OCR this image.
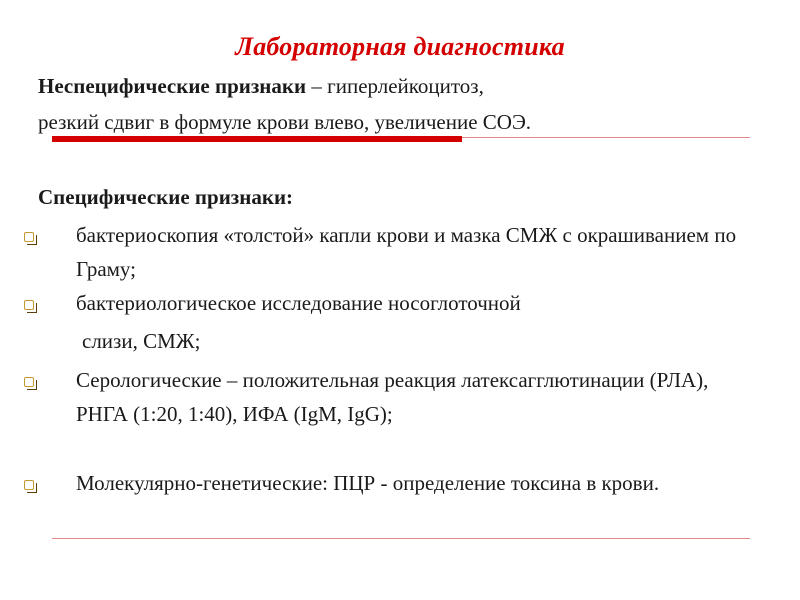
Лабораторная диагностика
Неспецифические признаки – гиперлейкоцитоз,
резкий сдвиг в формуле крови влево, увеличение СОЭ.
Специфические признаки:
бактериоскопия «толстой» капли крови и мазка СМЖ с окрашиванием по Граму;
бактериологическое исследование носоглоточной
слизи, СМЖ;
Серологические – положительная реакция латексагглютинации (РЛА), РНГА (1:20, 1:40), ИФА (IgM, IgG);
Молекулярно-генетические: ПЦР - определение токсина в крови.
